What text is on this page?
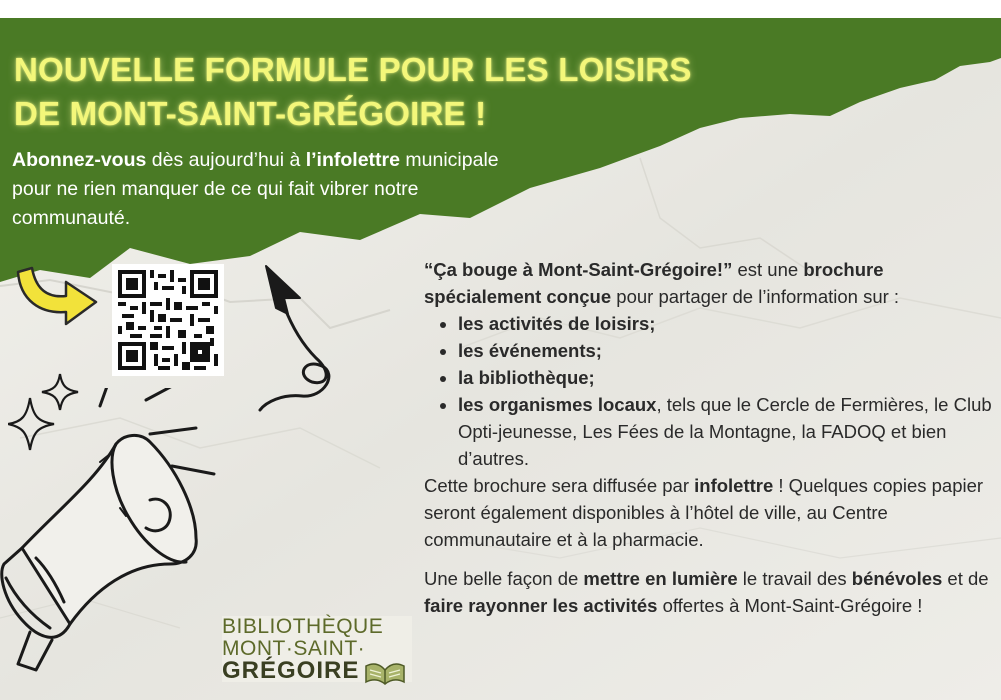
NOUVELLE FORMULE POUR LES LOISIRS
DE MONT-SAINT-GRÉGOIRE !

Abonnez-vous dès aujourd’hui à l’infolettre municipale pour ne rien manquer de ce qui fait vibrer notre communauté.

“Ça bouge à Mont-Saint-Grégoire!” est une brochure spécialement conçue pour partager de l’information sur :

• les activités de loisirs;
• les événements;
• la bibliothèque;
• les organismes locaux, tels que le Cercle de Fermières, le Club Opti-jeunesse, Les Fées de la Montagne, la FADOQ et bien d’autres.

Cette brochure sera diffusée par infolettre ! Quelques copies papier seront également disponibles à l’hôtel de ville, au Centre communautaire et à la pharmacie.

Une belle façon de mettre en lumière le travail des bénévoles et de faire rayonner les activités offertes à Mont-Saint-Grégoire !

BIBLIOTHÈQUE
MONT·SAINT·
GRÉGOIRE
